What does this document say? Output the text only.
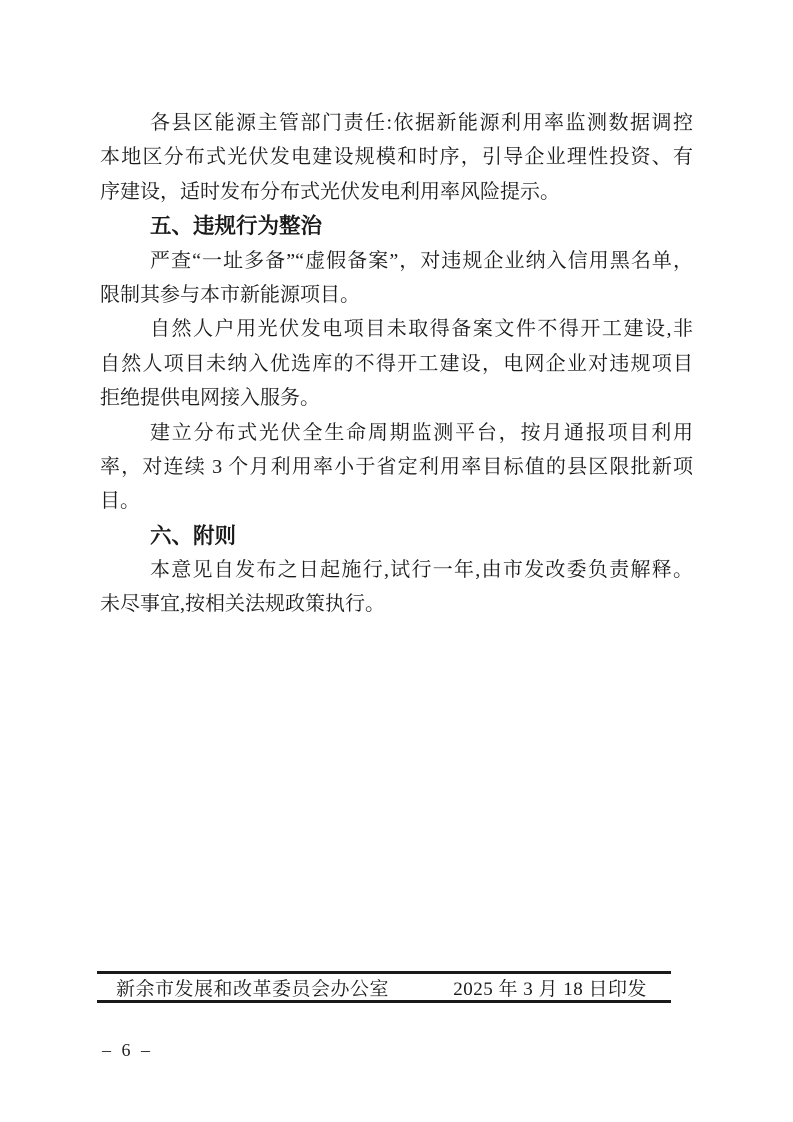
各县区能源主管部门责任:依据新能源利用率监测数据调控
本地区分布式光伏发电建设规模和时序，引导企业理性投资、有
序建设，适时发布分布式光伏发电利用率风险提示。
五、违规行为整治
严查“一址多备”“虚假备案”，对违规企业纳入信用黑名单，
限制其参与本市新能源项目。
自然人户用光伏发电项目未取得备案文件不得开工建设,非
自然人项目未纳入优选库的不得开工建设，电网企业对违规项目
拒绝提供电网接入服务。
建立分布式光伏全生命周期监测平台，按月通报项目利用
率，对连续 3 个月利用率小于省定利用率目标值的县区限批新项
目。
六、附则
本意见自发布之日起施行,试行一年,由市发改委负责解释。
未尽事宜,按相关法规政策执行。
新余市发展和改革委员会办公室	2025 年 3 月 18 日印发
– 6 –
